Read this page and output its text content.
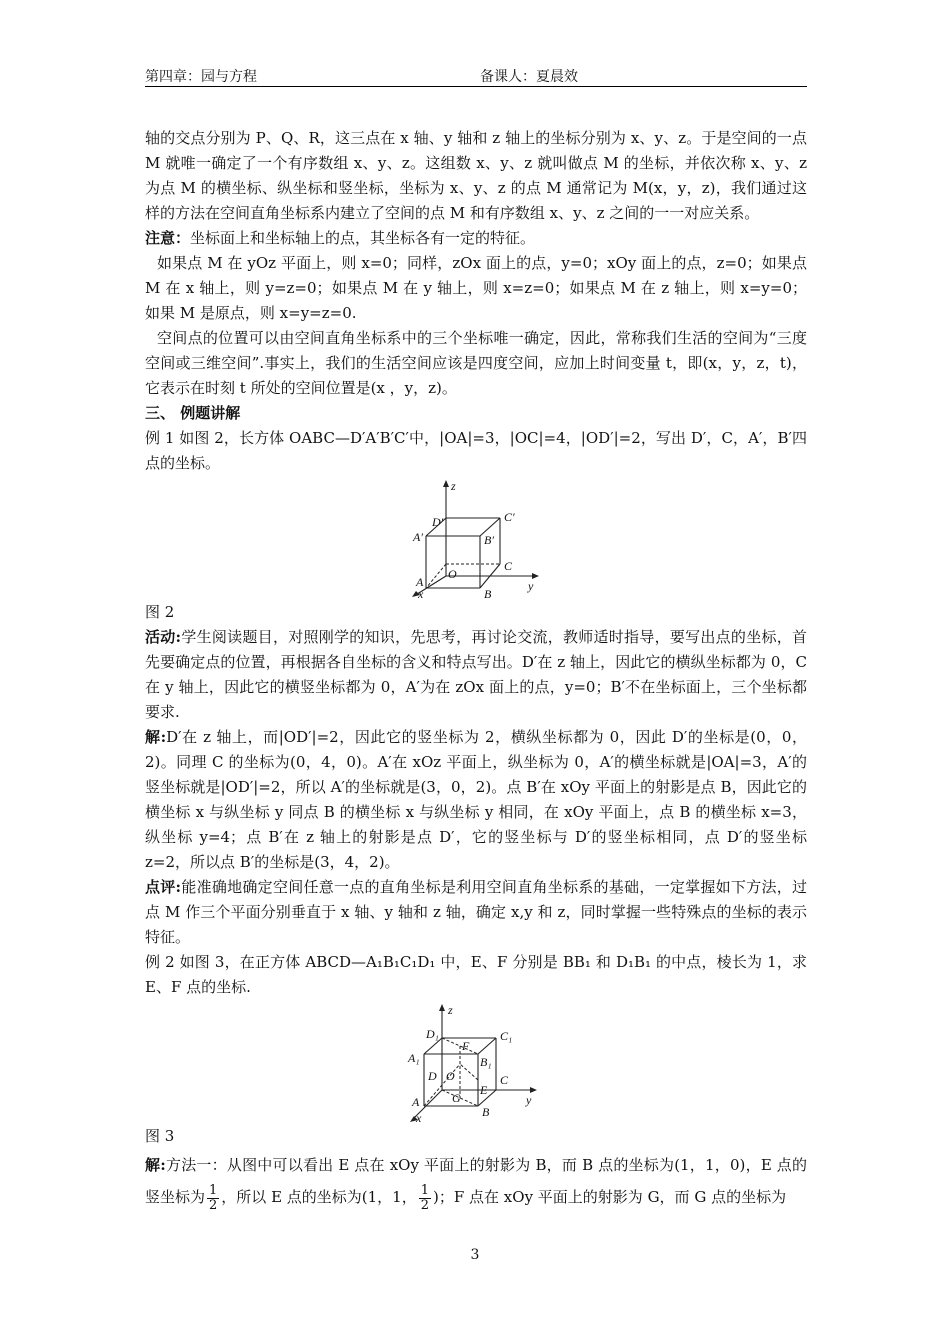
第四章：园与方程	备课人：夏晨效

轴的交点分别为 P、Q、R，这三点在 x 轴、y 轴和 z 轴上的坐标分别为 x、y、z。于是空间的一点 M 就唯一确定了一个有序数组 x、y、z。这组数 x、y、z 就叫做点 M 的坐标，并依次称 x、y、z 为点 M 的横坐标、纵坐标和竖坐标，坐标为 x、y、z 的点 M 通常记为 M(x，y，z)，我们通过这样的方法在空间直角坐标系内建立了空间的点 M 和有序数组 x、y、z 之间的一一对应关系。

注意：坐标面上和坐标轴上的点，其坐标各有一定的特征。

如果点 M 在 yOz 平面上，则 x=0；同样，zOx 面上的点，y=0；xOy 面上的点，z=0；如果点 M 在 x 轴上，则 y=z=0；如果点 M 在 y 轴上，则 x=z=0；如果点 M 在 z 轴上，则 x=y=0；如果 M 是原点，则 x=y=z=0.

空间点的位置可以由空间直角坐标系中的三个坐标唯一确定，因此，常称我们生活的空间为“三度空间或三维空间”.事实上，我们的生活空间应该是四度空间，应加上时间变量 t，即(x，y，z，t)，它表示在时刻 t 所处的空间位置是(x ，y，z)。

三、 例题讲解

例 1 如图 2，长方体 OABC—D′A′B′C′中，|OA|=3，|OC|=4，|OD′|=2，写出 D′，C，A′，B′四点的坐标。

z
y
x
D′	C′
A′	B′
O
C
A
B

图 2

活动:学生阅读题目，对照刚学的知识，先思考，再讨论交流，教师适时指导，要写出点的坐标，首先要确定点的位置，再根据各自坐标的含义和特点写出。D′在 z 轴上，因此它的横纵坐标都为 0，C 在 y 轴上，因此它的横竖坐标都为 0，A′为在 zOx 面上的点，y=0；B′不在坐标面上，三个坐标都要求.

解:D′在 z 轴上，而|OD′|=2，因此它的竖坐标为 2，横纵坐标都为 0，因此 D′的坐标是(0，0，2)。同理 C 的坐标为(0，4，0)。A′在 xOz 平面上，纵坐标为 0，A′的横坐标就是|OA|=3，A′的竖坐标就是|OD′|=2，所以 A′的坐标就是(3，0，2)。点 B′在 xOy 平面上的射影是点 B，因此它的横坐标 x 与纵坐标 y 同点 B 的横坐标 x 与纵坐标 y 相同，在 xOy 平面上，点 B 的横坐标 x=3，纵坐标 y=4；点 B′在 z 轴上的射影是点 D′，它的竖坐标与 D′的竖坐标相同，点 D′的竖坐标 z=2，所以点 B′的坐标是(3，4，2)。

点评:能准确地确定空间任意一点的直角坐标是利用空间直角坐标系的基础，一定掌握如下方法，过点 M 作三个平面分别垂直于 x 轴、y 轴和 z 轴，确定 x,y 和 z，同时掌握一些特殊点的坐标的表示特征。

例 2 如图 3，在正方体 ABCD—A₁B₁C₁D₁ 中，E、F 分别是 BB₁ 和 D₁B₁ 的中点，棱长为 1，求 E、F 点的坐标.

z
y
x
D₁	C₁
F
A₁	B₁
D O	C
E
G
A
B

图 3

解:方法一：从图中可以看出 E 点在 xOy 平面上的射影为 B，而 B 点的坐标为(1，1，0)，E 点的竖坐标为 $\frac{1}{2}$ ，所以 E 点的坐标为(1，1， $\frac{1}{2}$ )；F 点在 xOy 平面上的射影为 G，而 G 点的坐标为

3
